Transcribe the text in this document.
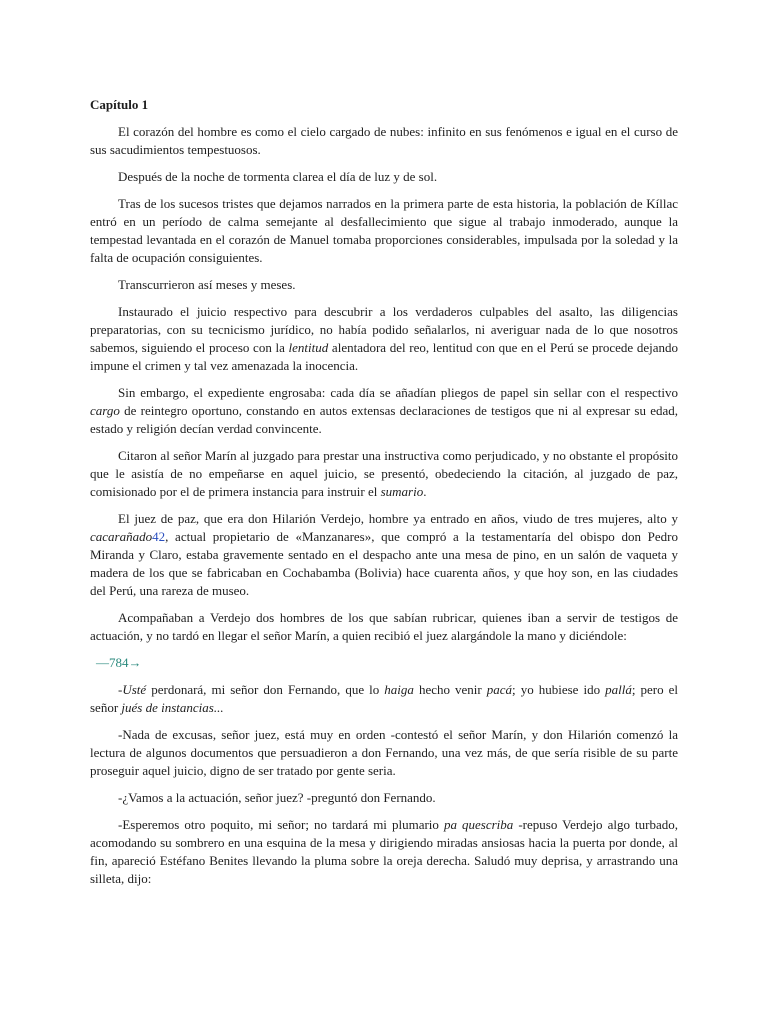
Capítulo 1

El corazón del hombre es como el cielo cargado de nubes: infinito en sus fenómenos e igual en el curso de sus sacudimientos tempestuosos.

Después de la noche de tormenta clarea el día de luz y de sol.

Tras de los sucesos tristes que dejamos narrados en la primera parte de esta historia, la población de Kíllac entró en un período de calma semejante al desfallecimiento que sigue al trabajo inmoderado, aunque la tempestad levantada en el corazón de Manuel tomaba proporciones considerables, impulsada por la soledad y la falta de ocupación consiguientes.

Transcurrieron así meses y meses.

Instaurado el juicio respectivo para descubrir a los verdaderos culpables del asalto, las diligencias preparatorias, con su tecnicismo jurídico, no había podido señalarlos, ni averiguar nada de lo que nosotros sabemos, siguiendo el proceso con la lentitud alentadora del reo, lentitud con que en el Perú se procede dejando impune el crimen y tal vez amenazada la inocencia.

Sin embargo, el expediente engrosaba: cada día se añadían pliegos de papel sin sellar con el respectivo cargo de reintegro oportuno, constando en autos extensas declaraciones de testigos que ni al expresar su edad, estado y religión decían verdad convincente.

Citaron al señor Marín al juzgado para prestar una instructiva como perjudicado, y no obstante el propósito que le asistía de no empeñarse en aquel juicio, se presentó, obedeciendo la citación, al juzgado de paz, comisionado por el de primera instancia para instruir el sumario.

El juez de paz, que era don Hilarión Verdejo, hombre ya entrado en años, viudo de tres mujeres, alto y cacarañado42, actual propietario de «Manzanares», que compró a la testamentaría del obispo don Pedro Miranda y Claro, estaba gravemente sentado en el despacho ante una mesa de pino, en un salón de vaqueta y madera de los que se fabricaban en Cochabamba (Bolivia) hace cuarenta años, y que hoy son, en las ciudades del Perú, una rareza de museo.

Acompañaban a Verdejo dos hombres de los que sabían rubricar, quienes iban a servir de testigos de actuación, y no tardó en llegar el señor Marín, a quien recibió el juez alargándole la mano y diciéndole:

—784→

-Usté perdonará, mi señor don Fernando, que lo haiga hecho venir pacá; yo hubiese ido pallá; pero el señor jués de instancias...

-Nada de excusas, señor juez, está muy en orden -contestó el señor Marín, y don Hilarión comenzó la lectura de algunos documentos que persuadieron a don Fernando, una vez más, de que sería risible de su parte proseguir aquel juicio, digno de ser tratado por gente seria.

-¿Vamos a la actuación, señor juez? -preguntó don Fernando.

-Esperemos otro poquito, mi señor; no tardará mi plumario pa quescriba -repuso Verdejo algo turbado, acomodando su sombrero en una esquina de la mesa y dirigiendo miradas ansiosas hacia la puerta por donde, al fin, apareció Estéfano Benites llevando la pluma sobre la oreja derecha. Saludó muy deprisa, y arrastrando una silleta, dijo:
